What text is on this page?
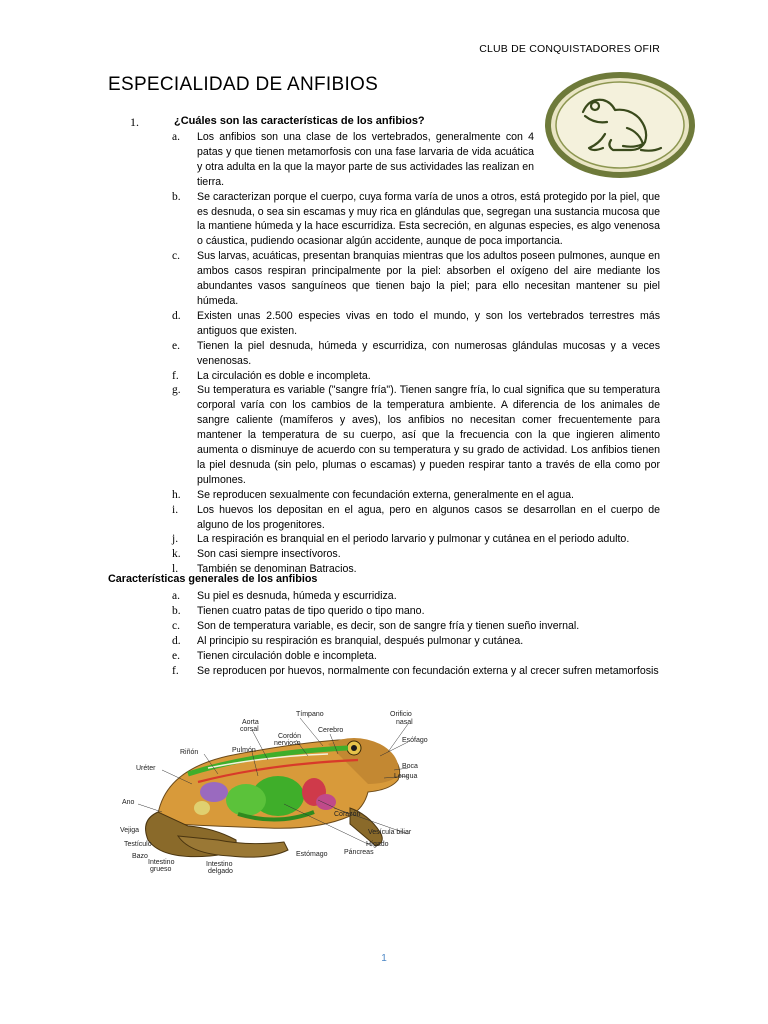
CLUB DE CONQUISTADORES OFIR
ESPECIALIDAD DE ANFIBIOS
1.	¿Cuáles son las características de los anfibios?
a. Los anfibios son una clase de los vertebrados, generalmente con 4 patas y que tienen metamorfosis con una fase larvaria de vida acuática y otra adulta en la que la mayor parte de sus actividades las realizan en tierra.
b. Se caracterizan porque el cuerpo, cuya forma varía de unos a otros, está protegido por la piel, que es desnuda, o sea sin escamas y muy rica en glándulas que, segregan una sustancia mucosa que la mantiene húmeda y la hace escurridiza. Esta secreción, en algunas especies, es algo venenosa o cáustica, pudiendo ocasionar algún accidente, aunque de poca importancia.
c. Sus larvas, acuáticas, presentan branquias mientras que los adultos poseen pulmones, aunque en ambos casos respiran principalmente por la piel: absorben el oxígeno del aire mediante los abundantes vasos sanguíneos que tienen bajo la piel; para ello necesitan mantener su piel húmeda.
d. Existen unas 2.500 especies vivas en todo el mundo, y son los vertebrados terrestres más antiguos que existen.
e. Tienen la piel desnuda, húmeda y escurridiza, con numerosas glándulas mucosas y a veces venenosas.
f. La circulación es doble e incompleta.
g. Su temperatura es variable ("sangre fría"). Tienen sangre fría, lo cual significa que su temperatura corporal varía con los cambios de la temperatura ambiente. A diferencia de los animales de sangre caliente (mamíferos y aves), los anfibios no necesitan comer frecuentemente para mantener la temperatura de su cuerpo, así que la frecuencia con la que ingieren alimento aumenta o disminuye de acuerdo con su temperatura y su grado de actividad. Los anfibios tienen la piel desnuda (sin pelo, plumas o escamas) y pueden respirar tanto a través de ella como por pulmones.
h. Se reproducen sexualmente con fecundación externa, generalmente en el agua.
i. Los huevos los depositan en el agua, pero en algunos casos se desarrollan en el cuerpo de alguno de los progenitores.
j. La respiración es branquial en el periodo larvario y pulmonar y cutánea en el periodo adulto.
k. Son casi siempre insectívoros.
l. También se denominan Batracios.
Características generales de los anfibios
a. Su piel es desnuda, húmeda y escurridiza.
b. Tienen cuatro patas de tipo querido o tipo mano.
c. Son de temperatura variable, es decir, son de sangre fría y tienen sueño invernal.
d. Al principio su respiración es branquial, después pulmonar y cutánea.
e. Tienen circulación doble e incompleta.
f. Se reproducen por huevos, normalmente con fecundación externa y al crecer sufren metamorfosis
Tímpano	Orificio
nasal
Aorta
corsal
Cordón
nervioso
Cerebro
Esófago
Riñón	Pulmón
Uréter	Boca
Lengua
Ano
Corazón
Vejiga	Vesícula biliar
Testículo	Hígado
Bazo
Intestino
grueso
Intestino
delgado
Estómago Páncreas
1
